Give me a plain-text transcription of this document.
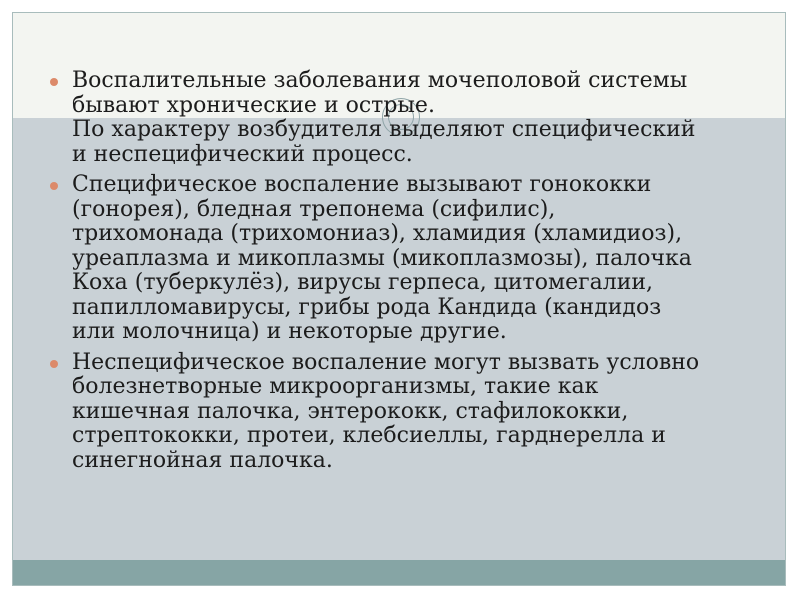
Воспалительные заболевания мочеполовой системы
бывают хронические и острые.
По характеру возбудителя выделяют специфический
и неспецифический процесс.
Специфическое воспаление вызывают гонококки
(гонорея), бледная трепонема (сифилис),
трихомонада (трихомониаз), хламидия (хламидиоз),
уреаплазма и микоплазмы (микоплазмозы), палочка
Коха (туберкулёз), вирусы герпеса, цитомегалии,
папилломавирусы, грибы рода Кандида (кандидоз
или молочница) и некоторые другие.
Неспецифическое воспаление могут вызвать условно
болезнетворные микроорганизмы, такие как
кишечная палочка, энтерококк, стафилококки,
стрептококки, протеи, клебсиеллы, гарднерелла и
синегнойная палочка.
